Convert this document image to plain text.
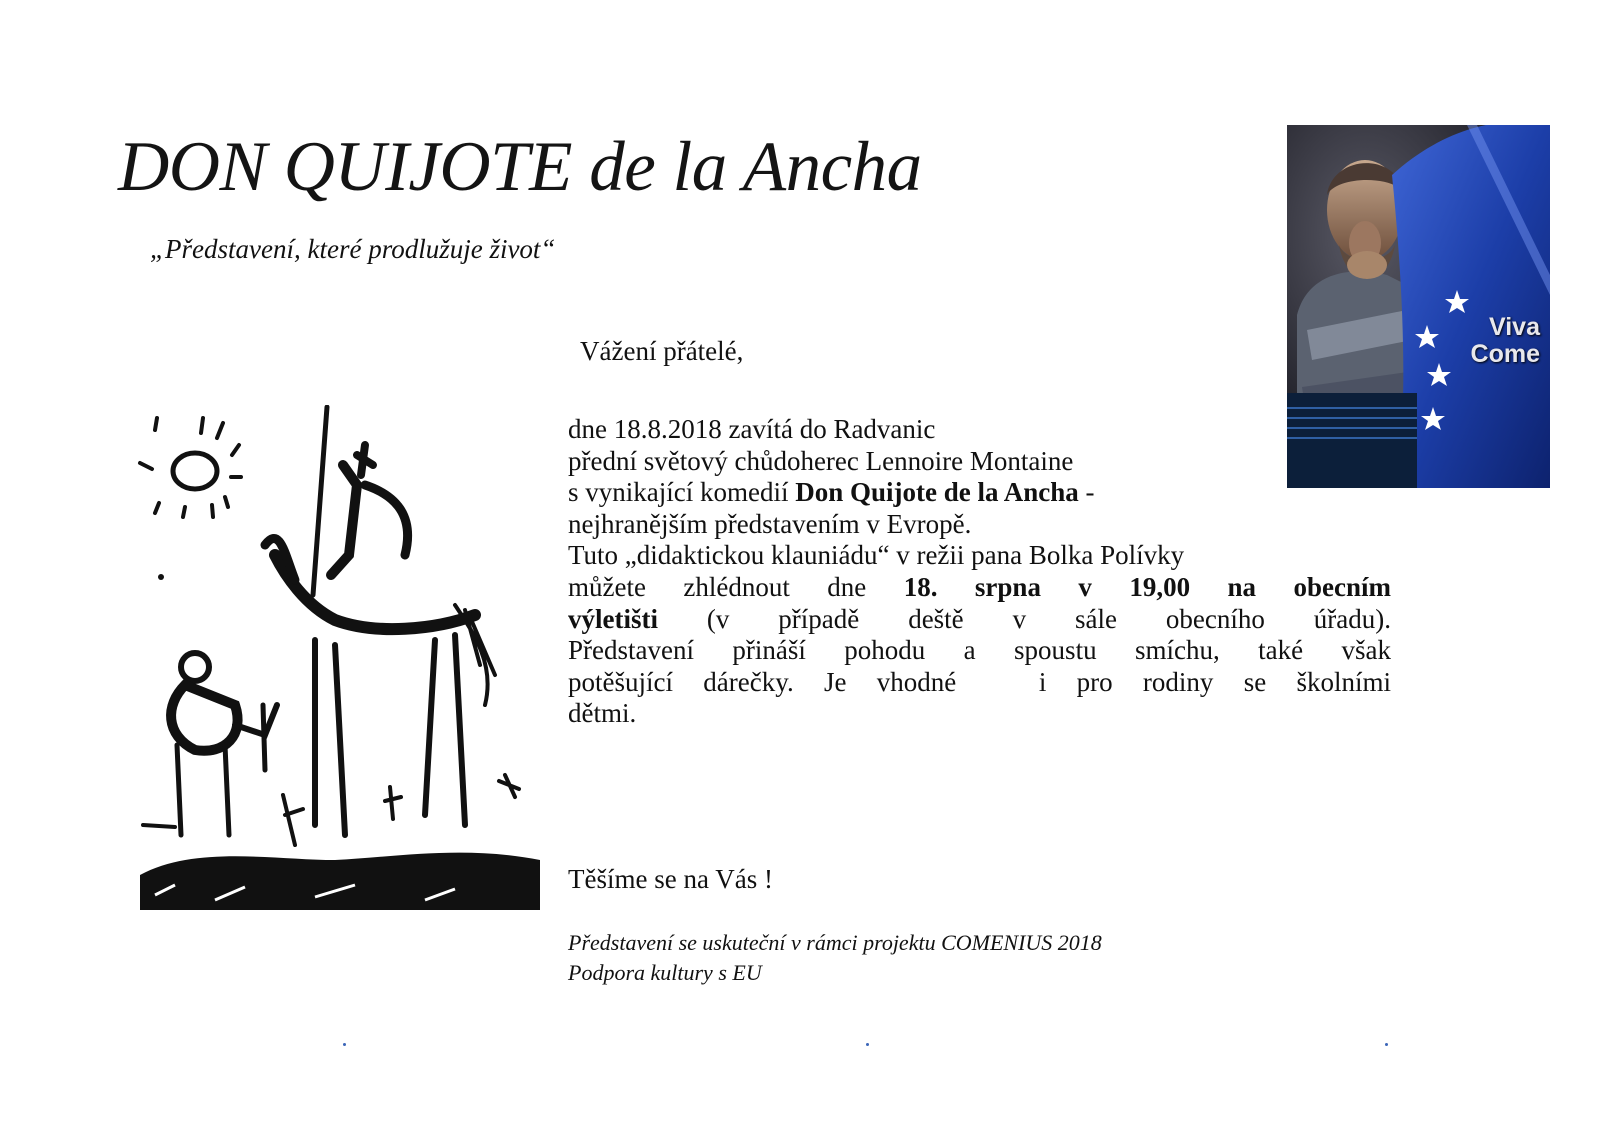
DON QUIJOTE de la Ancha
„Představení, které prodlužuje život“
Viva
Come
Vážení přátelé,
dne 18.8.2018 zavítá do Radvanic
přední světový chůdoherec Lennoire Montaine
s vynikající komedií Don Quijote de la Ancha -
nejhranějším představením v Evropě.
Tuto „didaktickou klauniádu“ v režii pana Bolka Polívky
můžete zhlédnout dne 18. srpna v 19,00 na obecním
výletišti (v případě deště v sále obecního úřadu).
Představení přináší pohodu a spoustu smíchu, také však
potěšující dárečky. Je vhodné	i pro rodiny se školními
dětmi.
Těšíme se na Vás !
Představení se uskuteční v rámci projektu COMENIUS 2018
Podpora kultury s EU
